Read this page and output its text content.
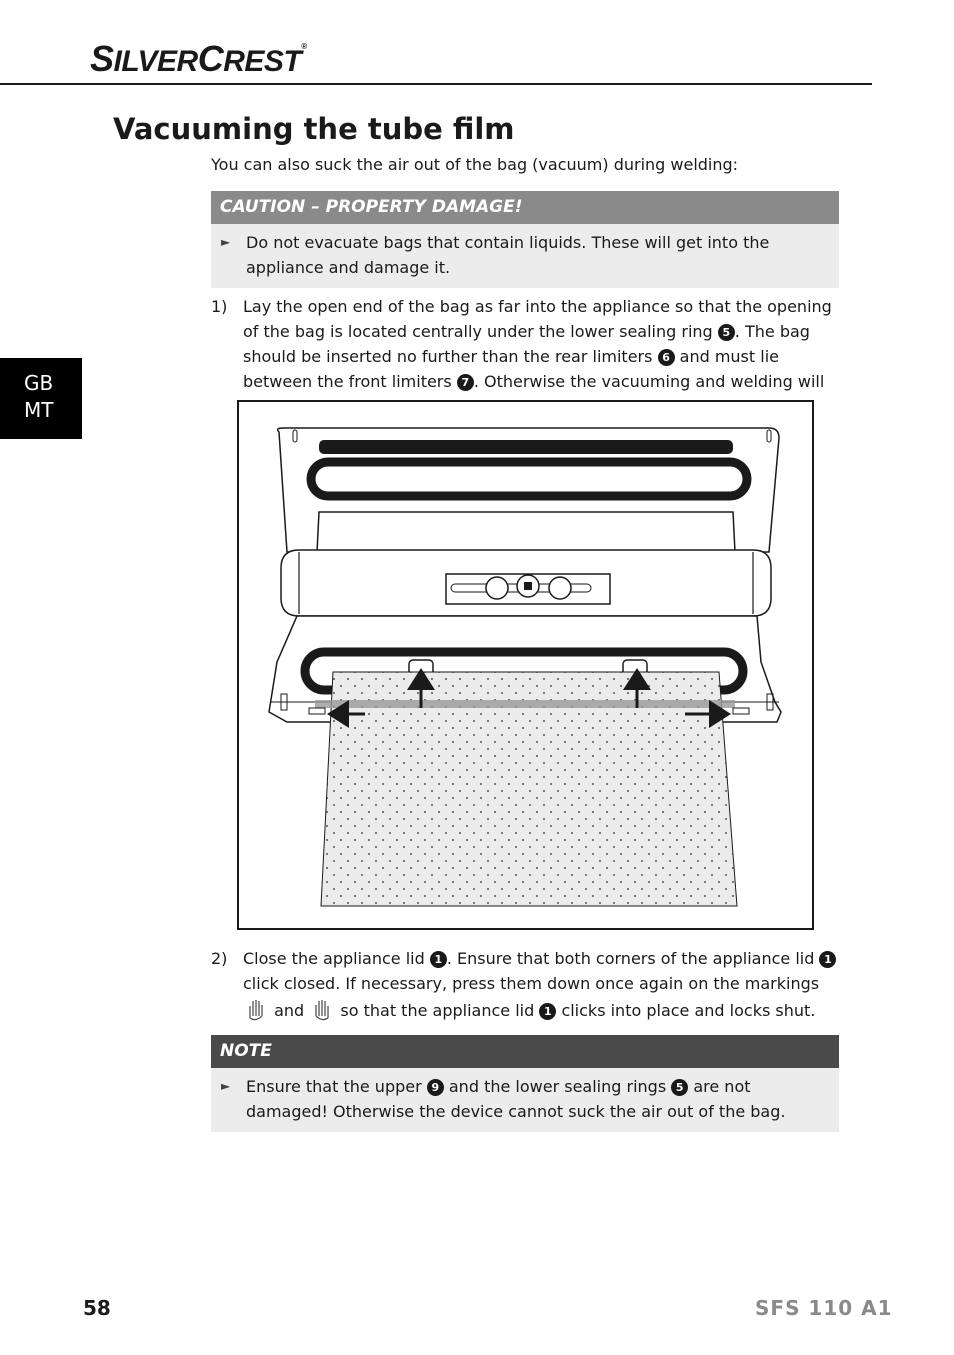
SILVERCREST®
Vacuuming the tube film
You can also suck the air out of the bag (vacuum) during welding:
CAUTION – PROPERTY DAMAGE!
► Do not evacuate bags that contain liquids. These will get into the appliance and damage it.
1) Lay the open end of the bag as far into the appliance so that the opening of the bag is located centrally under the lower sealing ring 5 . The bag should be inserted no further than the rear limiters 6 and must lie between the front limiters 7 . Otherwise the vacuuming and welding will
GB
MT
2) Close the appliance lid 1 . Ensure that both corners of the appliance lid 1 click closed. If necessary, press them down once again on the markings
and so that the appliance lid 1 clicks into place and locks shut.
NOTE
► Ensure that the upper 9 and the lower sealing rings 5 are not damaged! Otherwise the device cannot suck the air out of the bag.
58	SFS 110 A1
